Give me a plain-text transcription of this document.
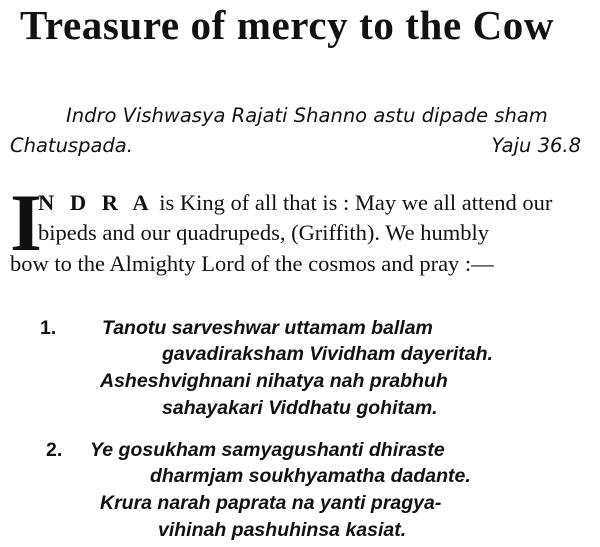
Treasure of mercy to the Cow
Indro Vishwasya Rajati Shanno astu dipade sham
Chatuspada.	Yaju 36.8
I
N D R A is King of all that is : May we all attend our
bipeds and our quadrupeds, (Griffith). We humbly
bow to the Almighty Lord of the cosmos and pray :—
1. Tanotu sarveshwar uttamam ballam
gavadiraksham Vividham dayeritah.
Asheshvighnani nihatya nah prabhuh
sahayakari Viddhatu gohitam.
2. Ye gosukham samyagushanti dhiraste
dharmjam soukhyamatha dadante.
Krura narah paprata na yanti pragya-
vihinah pashuhinsa kasiat.
